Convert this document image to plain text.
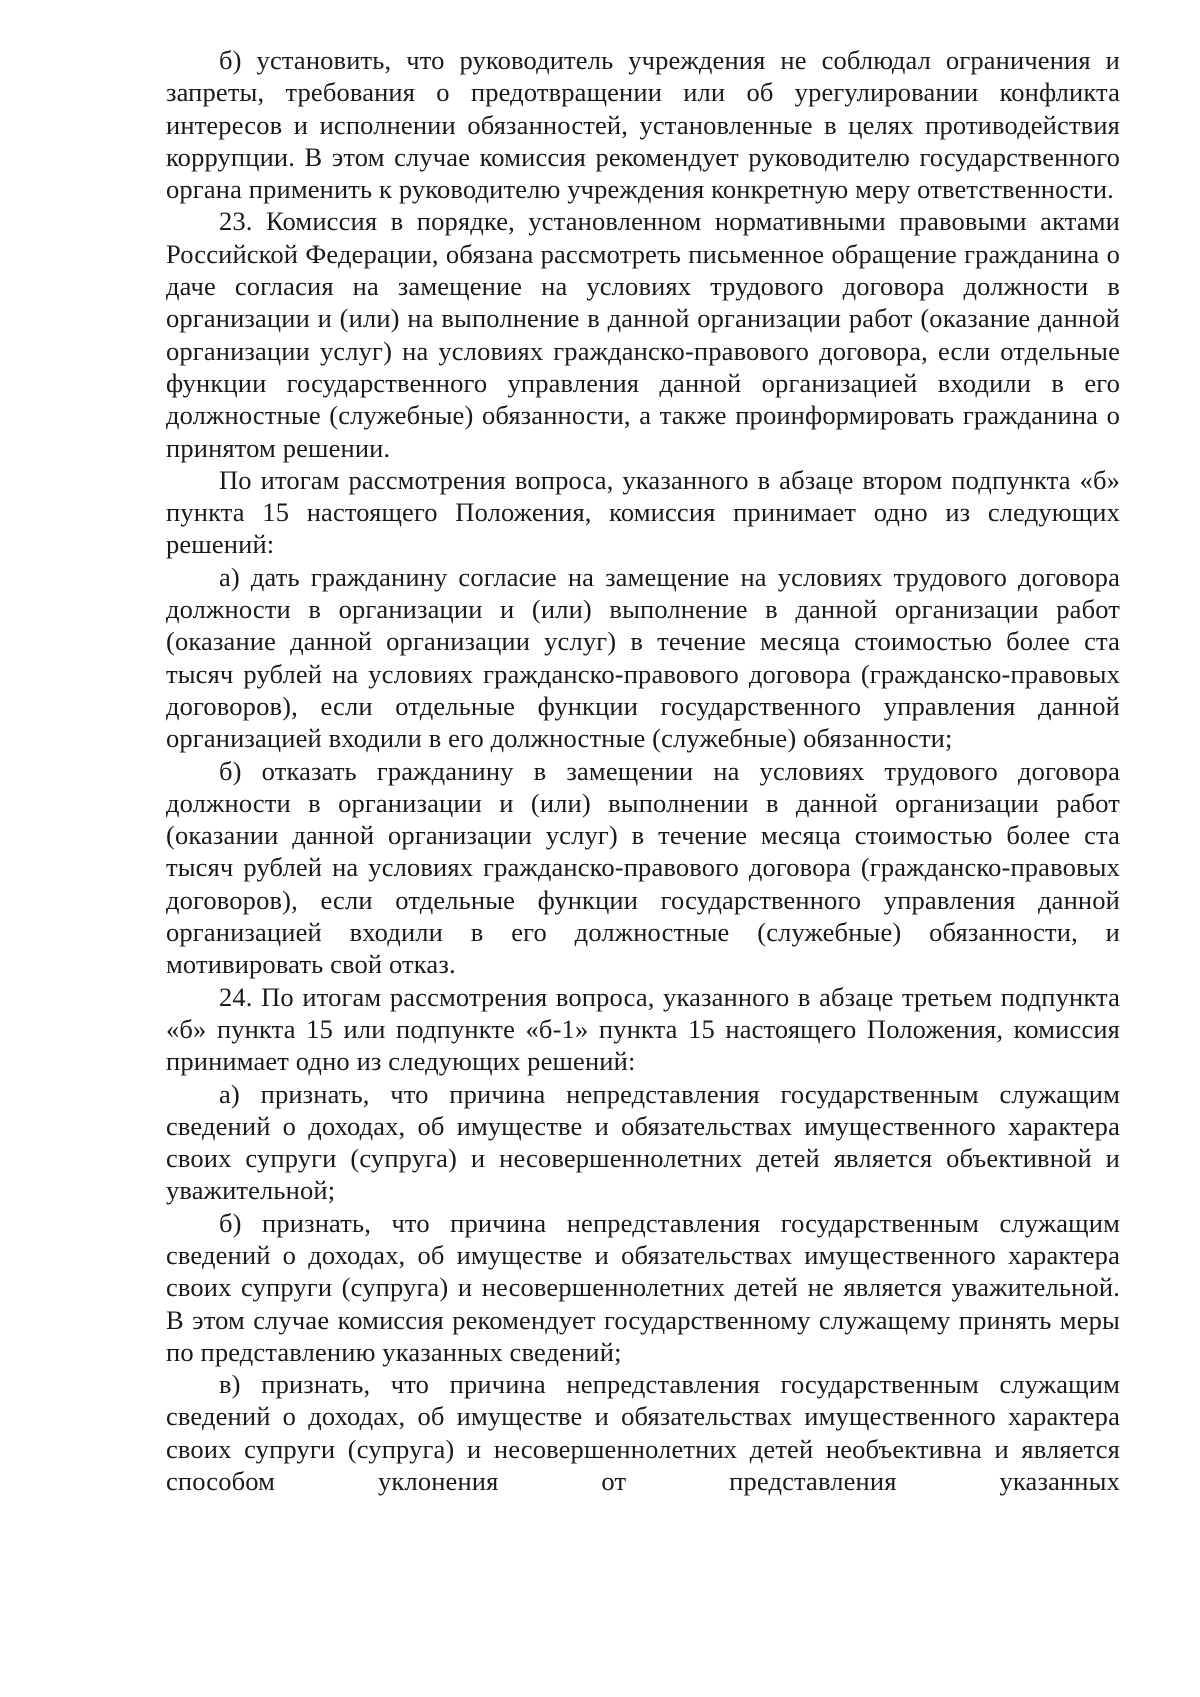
б) установить, что руководитель учреждения не соблюдал ограничения и запреты, требования о предотвращении или об урегулировании конфликта интересов и исполнении обязанностей, установленные в целях противодействия коррупции. В этом случае комиссия рекомендует руководителю государственного органа применить к руководителю учреждения конкретную меру ответственности.

23. Комиссия в порядке, установленном нормативными правовыми актами Российской Федерации, обязана рассмотреть письменное обращение гражданина о даче согласия на замещение на условиях трудового договора должности в организации и (или) на выполнение в данной организации работ (оказание данной организации услуг) на условиях гражданско-правового договора, если отдельные функции государственного управления данной организацией входили в его должностные (служебные) обязанности, а также проинформировать гражданина о принятом решении.

По итогам рассмотрения вопроса, указанного в абзаце втором подпункта «б» пункта 15 настоящего Положения, комиссия принимает одно из следующих решений:

а) дать гражданину согласие на замещение на условиях трудового договора должности в организации и (или) выполнение в данной организации работ (оказание данной организации услуг) в течение месяца стоимостью более ста тысяч рублей на условиях гражданско-правового договора (гражданско-правовых договоров), если отдельные функции государственного управления данной организацией входили в его должностные (служебные) обязанности;

б) отказать гражданину в замещении на условиях трудового договора должности в организации и (или) выполнении в данной организации работ (оказании данной организации услуг) в течение месяца стоимостью более ста тысяч рублей на условиях гражданско-правового договора (гражданско-правовых договоров), если отдельные функции государственного управления данной организацией входили в его должностные (служебные) обязанности, и мотивировать свой отказ.

24. По итогам рассмотрения вопроса, указанного в абзаце третьем подпункта «б» пункта 15 или подпункте «б-1» пункта 15 настоящего Положения, комиссия принимает одно из следующих решений:

а) признать, что причина непредставления государственным служащим сведений о доходах, об имуществе и обязательствах имущественного характера своих супруги (супруга) и несовершеннолетних детей является объективной и уважительной;

б) признать, что причина непредставления государственным служащим сведений о доходах, об имуществе и обязательствах имущественного характера своих супруги (супруга) и несовершеннолетних детей не является уважительной. В этом случае комиссия рекомендует государственному служащему принять меры по представлению указанных сведений;

в) признать, что причина непредставления государственным служащим сведений о доходах, об имуществе и обязательствах имущественного характера своих супруги (супруга) и несовершеннолетних детей необъективна и является способом уклонения от представления указанных
